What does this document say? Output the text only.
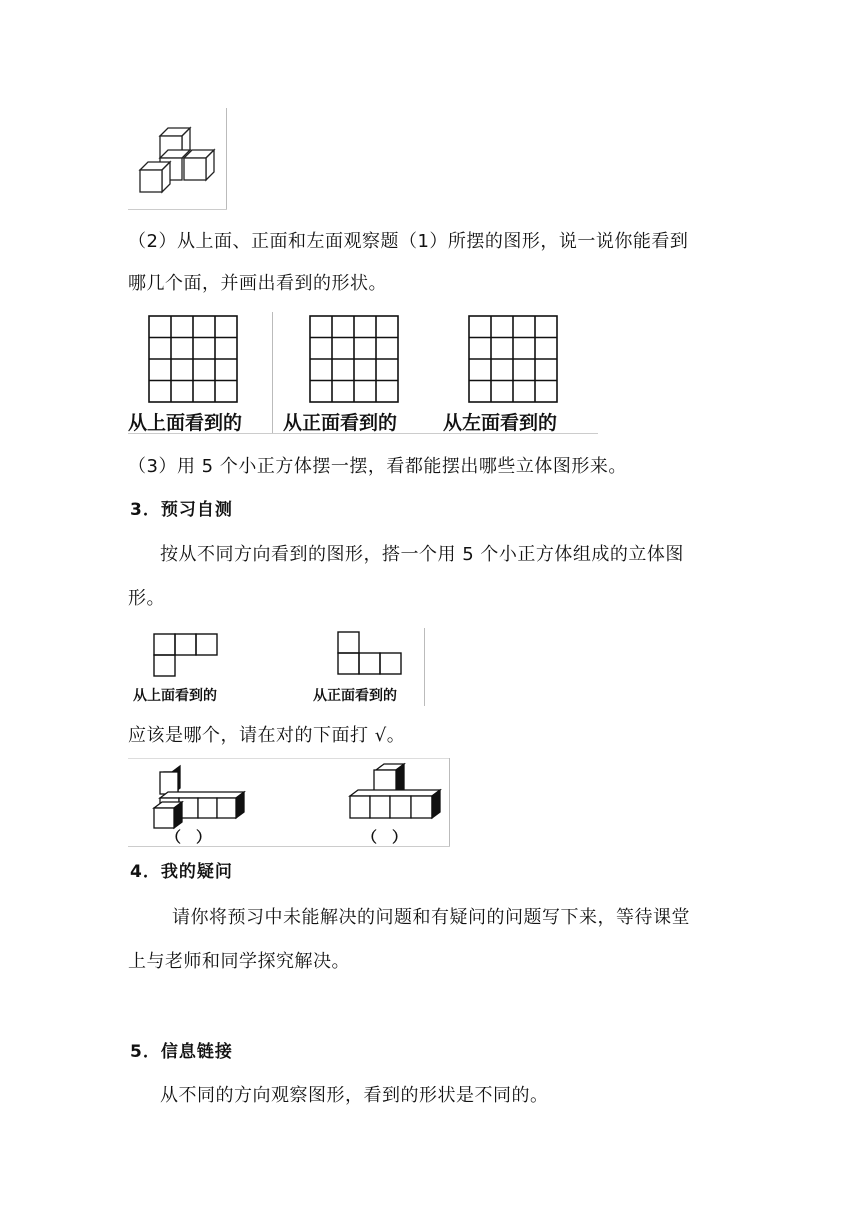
（2）从上面、正面和左面观察题（1）所摆的图形，说一说你能看到
哪几个面，并画出看到的形状。
从上面看到的 从正面看到的 从左面看到的
（3）用 5 个小正方体摆一摆，看都能摆出哪些立体图形来。
3．预习自测
按从不同方向看到的图形，搭一个用 5 个小正方体组成的立体图
形。
从上面看到的	从正面看到的
应该是哪个，请在对的下面打 √。
（　）	（　）
4．我的疑问
请你将预习中未能解决的问题和有疑问的问题写下来，等待课堂
上与老师和同学探究解决。
5．信息链接
从不同的方向观察图形，看到的形状是不同的。
